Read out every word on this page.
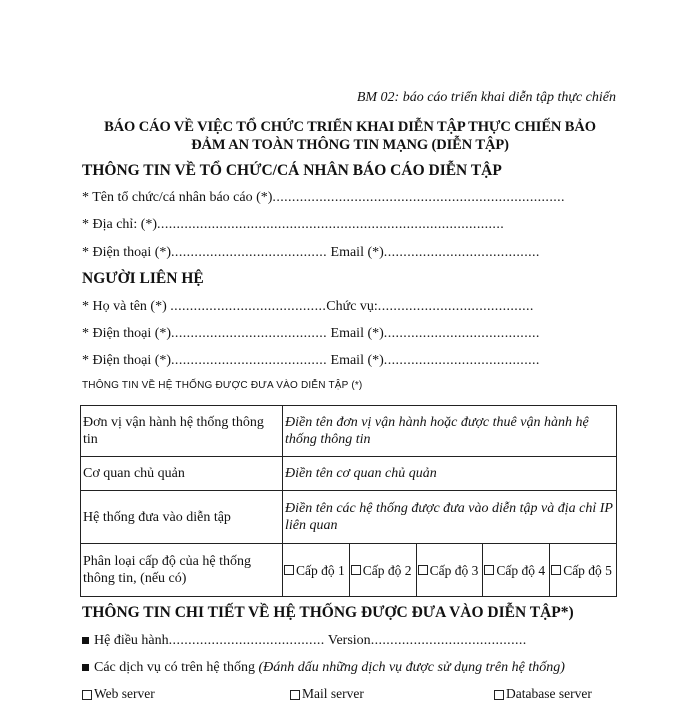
BM 02: báo cáo triển khai diễn tập thực chiến
BÁO CÁO VỀ VIỆC TỔ CHỨC TRIỂN KHAI DIỄN TẬP THỰC CHIẾN BẢO
ĐẢM AN TOÀN THÔNG TIN MẠNG (DIỄN TẬP)
THÔNG TIN VỀ TỔ CHỨC/CÁ NHÂN BÁO CÁO DIỄN TẬP
* Tên tổ chức/cá nhân báo cáo (*)...........................................................................
* Địa chỉ: (*).........................................................................................
* Điện thoại (*)........................................ Email (*)........................................
NGƯỜI LIÊN HỆ
* Họ và tên (*) ........................................Chức vụ:........................................
* Điện thoại (*)........................................ Email (*)........................................
* Điện thoại (*)........................................ Email (*)........................................
THÔNG TIN VỀ HỆ THỐNG ĐƯỢC ĐƯA VÀO DIỄN TẬP (*)
Đơn vị vận hành hệ thống thông tin	Điền tên đơn vị vận hành hoặc được thuê vận hành hệ thống thông tin
Cơ quan chủ quản	Điền tên cơ quan chủ quản
Hệ thống đưa vào diễn tập	Điền tên các hệ thống được đưa vào diễn tập và địa chỉ IP liên quan
Phân loại cấp độ của hệ thống thông tin, (nếu có)	Cấp độ 1 Cấp độ 2 Cấp độ 3 Cấp độ 4 Cấp độ 5
THÔNG TIN CHI TIẾT VỀ HỆ THỐNG ĐƯỢC ĐƯA VÀO DIỄN TẬP*)
Hệ điều hành........................................ Version........................................
Các dịch vụ có trên hệ thống (Đánh dấu những dịch vụ được sử dụng trên hệ thống)
Web server	Mail server	Database server
